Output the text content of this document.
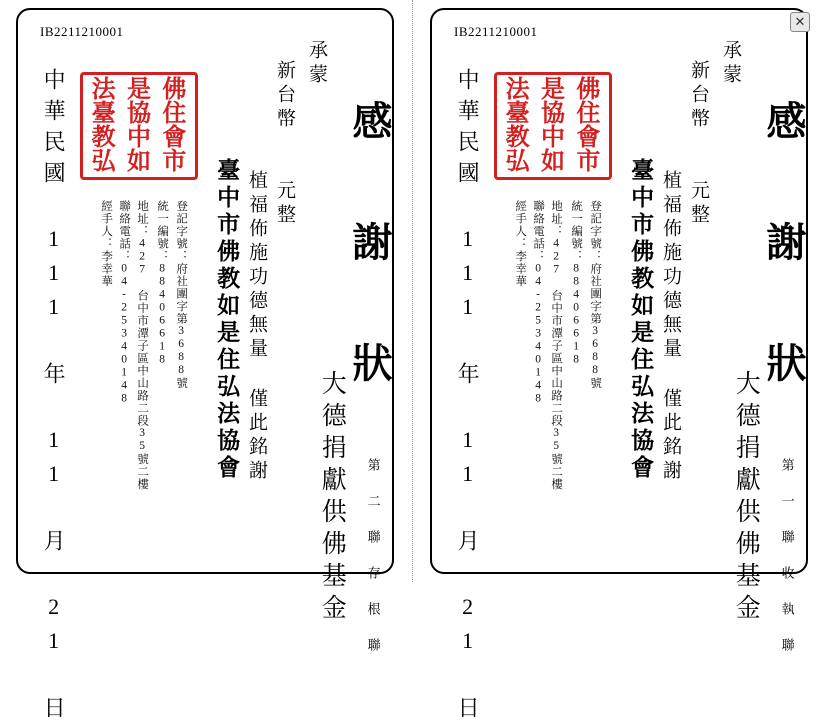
IB2211210001
中華民國 111 年 11 月 21 日 法 是 佛
臺 協 住
教 中 會
弘 如 市
經手人：李幸華 聯絡電話：04-25340148 地址：427 台中市潭子區中山路二段35號二樓 統一編號：88406618 登記字號：府社團字第3688號 臺中市佛教如是住弘法協會 植福佈施功德無量 僅此銘謝
新台幣　　元整 承蒙
感 謝 狀
大德捐獻供佛基金 第 二 聯 存 根 聯
IB2211210001
中華民國 111 年 11 月 21 日 法 是 佛
臺 協 住
教 中 會
弘 如 市
經手人：李幸華 聯絡電話：04-25340148 地址：427 台中市潭子區中山路二段35號二樓 統一編號：88406618 登記字號：府社團字第3688號 臺中市佛教如是住弘法協會 植福佈施功德無量 僅此銘謝
新台幣　　元整 承蒙
感 謝 狀
大德捐獻供佛基金 第 一 聯 收 執 聯
✕
